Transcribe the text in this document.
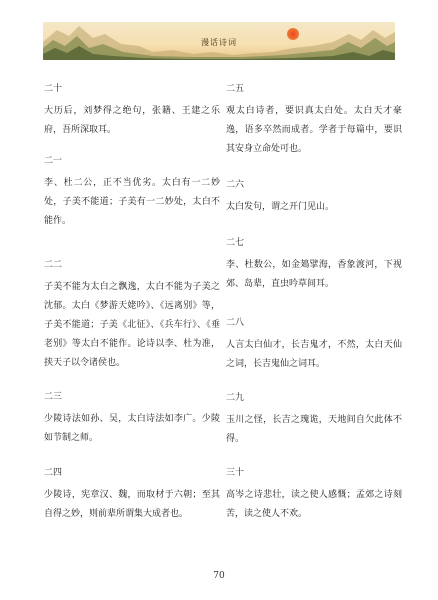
漫话诗词
二十
大历后，刘梦得之绝句，张籍、王建之乐府，吾所深取耳。
二一
李、杜二公，正不当优劣。太白有一二妙处，子美不能道；子美有一二妙处，太白不能作。
二二
子美不能为太白之飘逸，太白不能为子美之沈郁。太白《梦游天姥吟》、《远离别》等，子美不能道；子美《北征》、《兵车行》、《垂老别》等太白不能作。论诗以李、杜为准，挟天子以令诸侯也。
二三
少陵诗法如孙、吴，太白诗法如李广。少陵如节制之师。
二四
少陵诗，宪章汉、魏，而取材于六朝；至其自得之妙，则前辈所谓集大成者也。
二五
观太白诗者，要识真太白处。太白天才豪逸，语多卒然而成者。学者于每篇中，要识其安身立命处可也。
二六
太白发句，谓之开门见山。
二七
李、杜数公，如金鳷擘海，香象渡河，下视郊、岛辈，直虫吟草间耳。
二八
人言太白仙才，长吉鬼才，不然，太白天仙之词，长吉鬼仙之词耳。
二九
玉川之怪，长吉之瑰诡，天地间自欠此体不得。
三十
高岑之诗悲壮，读之使人感慨；孟郊之诗刻苦，读之使人不欢。
70
